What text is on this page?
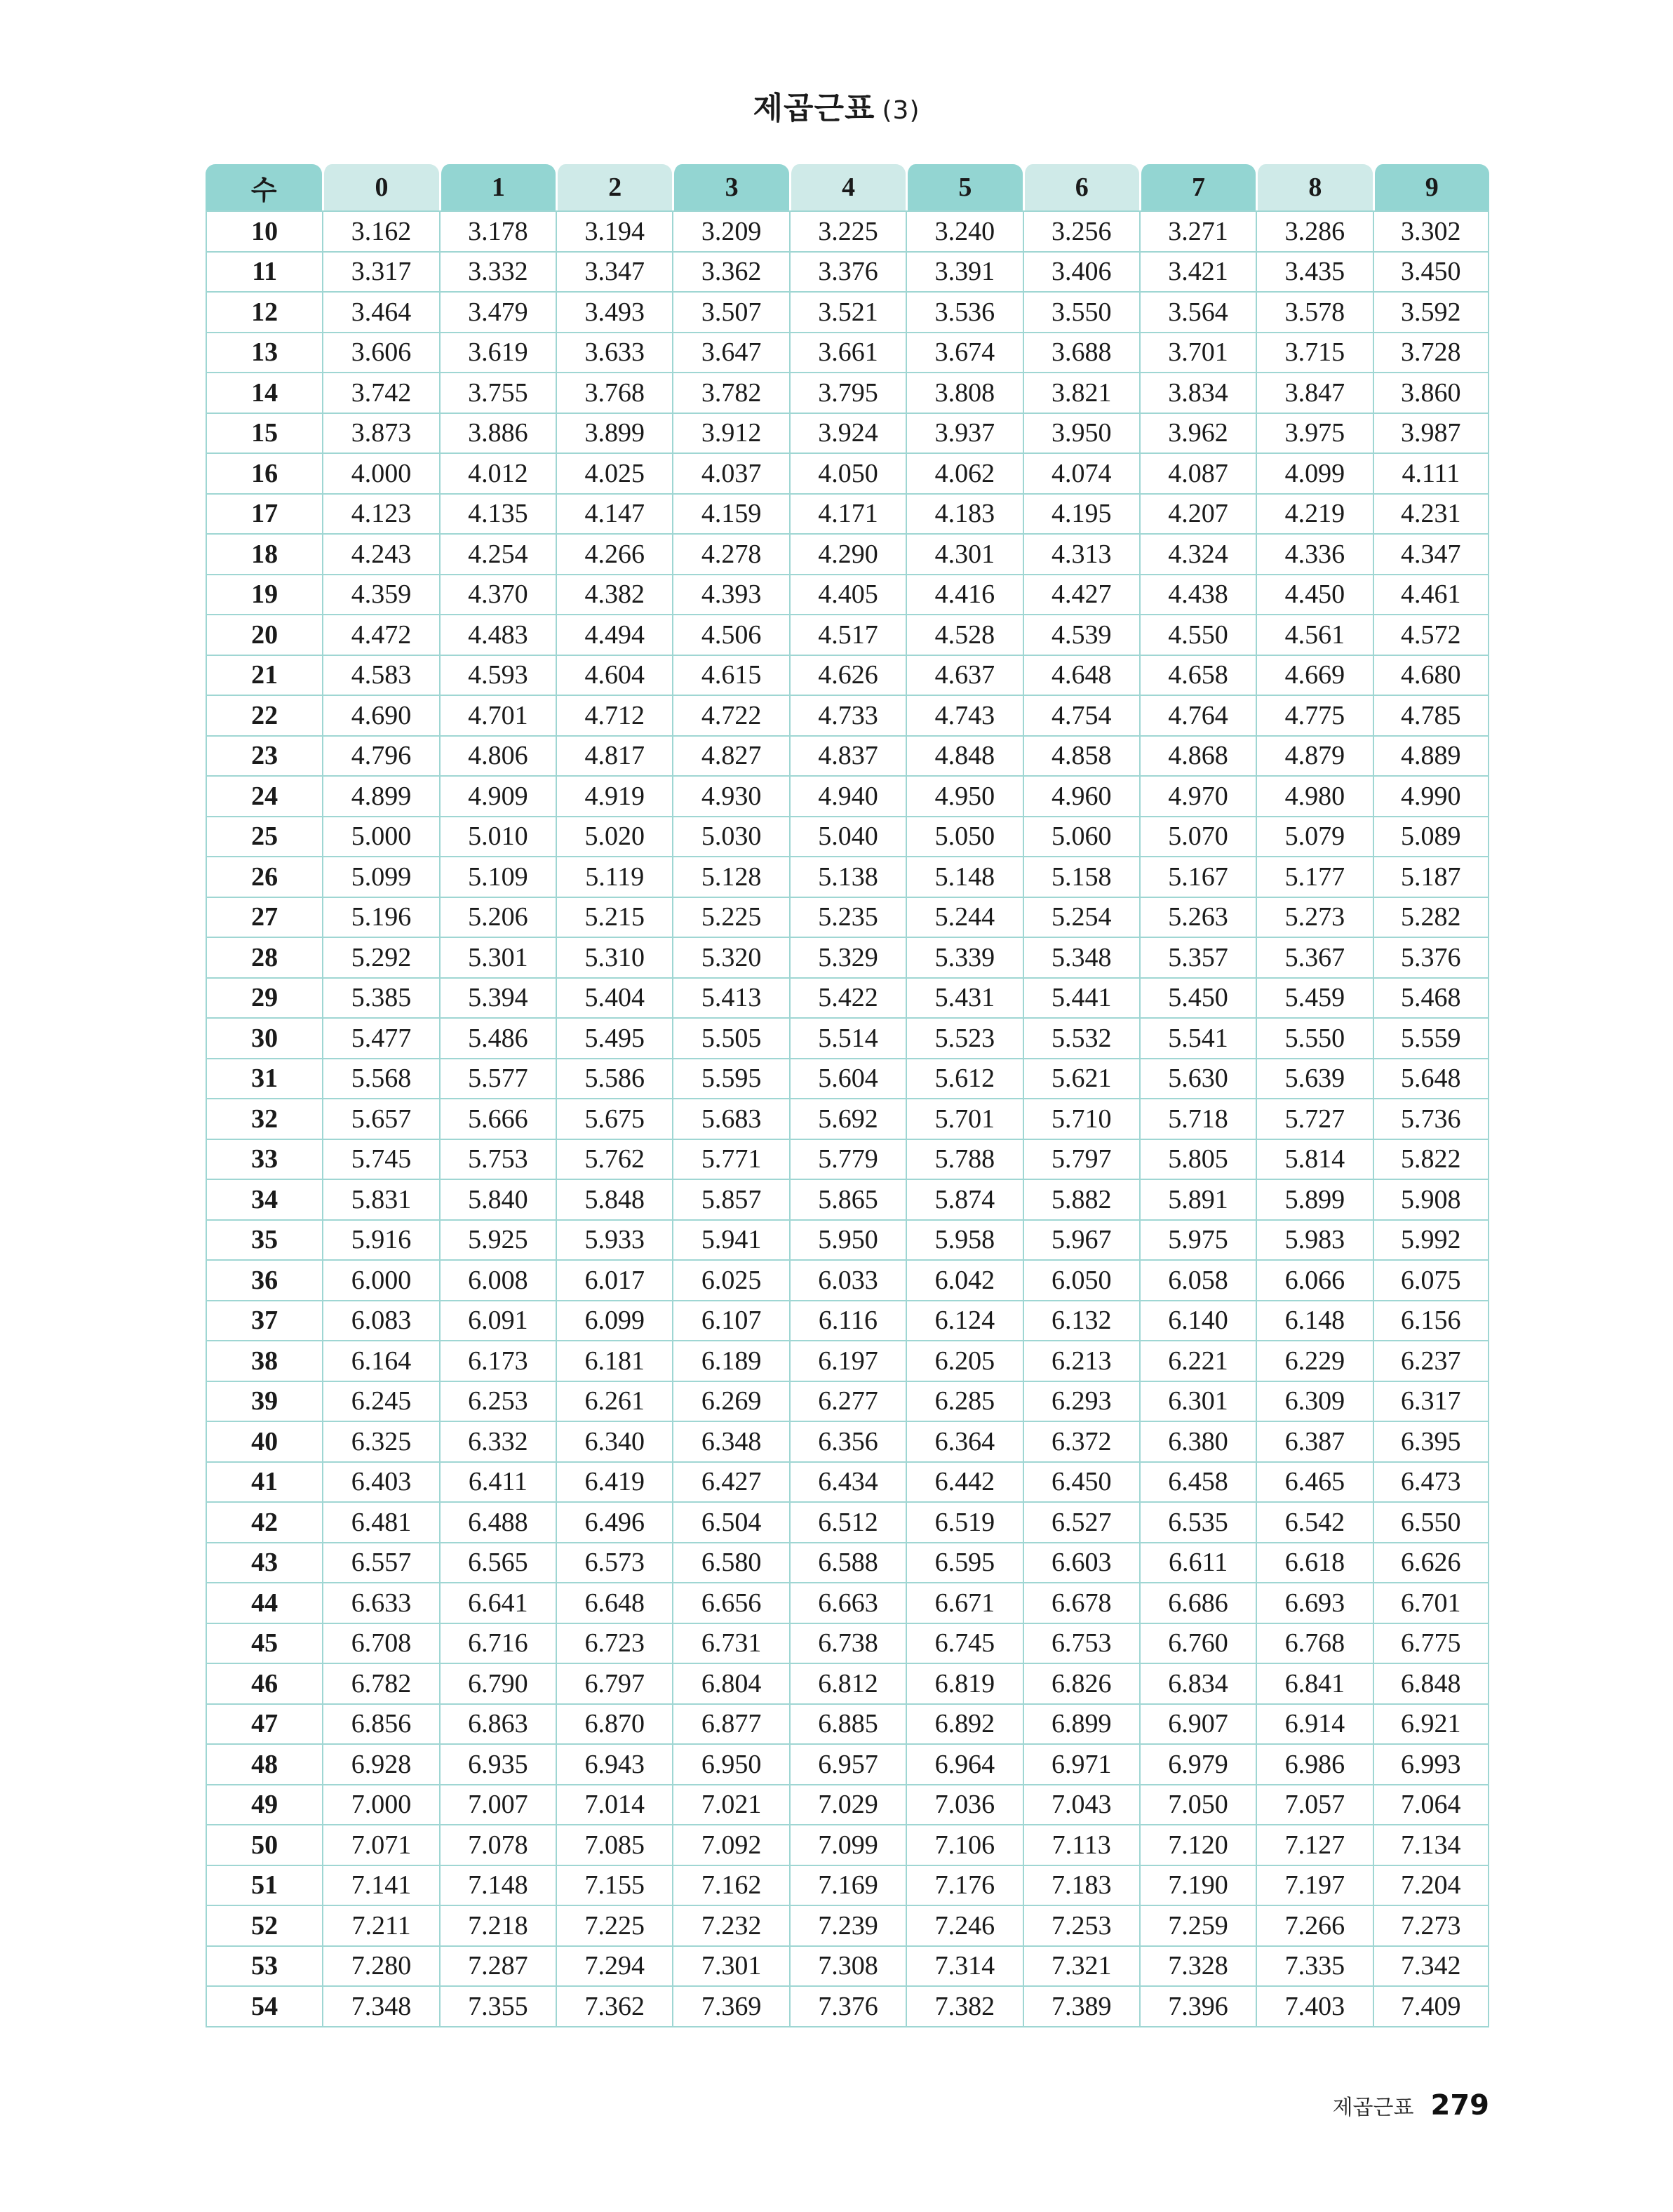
제곱근표 (3)
수	0	1	2	3	4	5	6	7	8	9
10	3.162	3.178	3.194	3.209	3.225	3.240	3.256	3.271	3.286	3.302
11	3.317	3.332	3.347	3.362	3.376	3.391	3.406	3.421	3.435	3.450
12	3.464	3.479	3.493	3.507	3.521	3.536	3.550	3.564	3.578	3.592
13	3.606	3.619	3.633	3.647	3.661	3.674	3.688	3.701	3.715	3.728
14	3.742	3.755	3.768	3.782	3.795	3.808	3.821	3.834	3.847	3.860
15	3.873	3.886	3.899	3.912	3.924	3.937	3.950	3.962	3.975	3.987
16	4.000	4.012	4.025	4.037	4.050	4.062	4.074	4.087	4.099	4.111
17	4.123	4.135	4.147	4.159	4.171	4.183	4.195	4.207	4.219	4.231
18	4.243	4.254	4.266	4.278	4.290	4.301	4.313	4.324	4.336	4.347
19	4.359	4.370	4.382	4.393	4.405	4.416	4.427	4.438	4.450	4.461
20	4.472	4.483	4.494	4.506	4.517	4.528	4.539	4.550	4.561	4.572
21	4.583	4.593	4.604	4.615	4.626	4.637	4.648	4.658	4.669	4.680
22	4.690	4.701	4.712	4.722	4.733	4.743	4.754	4.764	4.775	4.785
23	4.796	4.806	4.817	4.827	4.837	4.848	4.858	4.868	4.879	4.889
24	4.899	4.909	4.919	4.930	4.940	4.950	4.960	4.970	4.980	4.990
25	5.000	5.010	5.020	5.030	5.040	5.050	5.060	5.070	5.079	5.089
26	5.099	5.109	5.119	5.128	5.138	5.148	5.158	5.167	5.177	5.187
27	5.196	5.206	5.215	5.225	5.235	5.244	5.254	5.263	5.273	5.282
28	5.292	5.301	5.310	5.320	5.329	5.339	5.348	5.357	5.367	5.376
29	5.385	5.394	5.404	5.413	5.422	5.431	5.441	5.450	5.459	5.468
30	5.477	5.486	5.495	5.505	5.514	5.523	5.532	5.541	5.550	5.559
31	5.568	5.577	5.586	5.595	5.604	5.612	5.621	5.630	5.639	5.648
32	5.657	5.666	5.675	5.683	5.692	5.701	5.710	5.718	5.727	5.736
33	5.745	5.753	5.762	5.771	5.779	5.788	5.797	5.805	5.814	5.822
34	5.831	5.840	5.848	5.857	5.865	5.874	5.882	5.891	5.899	5.908
35	5.916	5.925	5.933	5.941	5.950	5.958	5.967	5.975	5.983	5.992
36	6.000	6.008	6.017	6.025	6.033	6.042	6.050	6.058	6.066	6.075
37	6.083	6.091	6.099	6.107	6.116	6.124	6.132	6.140	6.148	6.156
38	6.164	6.173	6.181	6.189	6.197	6.205	6.213	6.221	6.229	6.237
39	6.245	6.253	6.261	6.269	6.277	6.285	6.293	6.301	6.309	6.317
40	6.325	6.332	6.340	6.348	6.356	6.364	6.372	6.380	6.387	6.395
41	6.403	6.411	6.419	6.427	6.434	6.442	6.450	6.458	6.465	6.473
42	6.481	6.488	6.496	6.504	6.512	6.519	6.527	6.535	6.542	6.550
43	6.557	6.565	6.573	6.580	6.588	6.595	6.603	6.611	6.618	6.626
44	6.633	6.641	6.648	6.656	6.663	6.671	6.678	6.686	6.693	6.701
45	6.708	6.716	6.723	6.731	6.738	6.745	6.753	6.760	6.768	6.775
46	6.782	6.790	6.797	6.804	6.812	6.819	6.826	6.834	6.841	6.848
47	6.856	6.863	6.870	6.877	6.885	6.892	6.899	6.907	6.914	6.921
48	6.928	6.935	6.943	6.950	6.957	6.964	6.971	6.979	6.986	6.993
49	7.000	7.007	7.014	7.021	7.029	7.036	7.043	7.050	7.057	7.064
50	7.071	7.078	7.085	7.092	7.099	7.106	7.113	7.120	7.127	7.134
51	7.141	7.148	7.155	7.162	7.169	7.176	7.183	7.190	7.197	7.204
52	7.211	7.218	7.225	7.232	7.239	7.246	7.253	7.259	7.266	7.273
53	7.280	7.287	7.294	7.301	7.308	7.314	7.321	7.328	7.335	7.342
54	7.348	7.355	7.362	7.369	7.376	7.382	7.389	7.396	7.403	7.409
제곱근표 279
